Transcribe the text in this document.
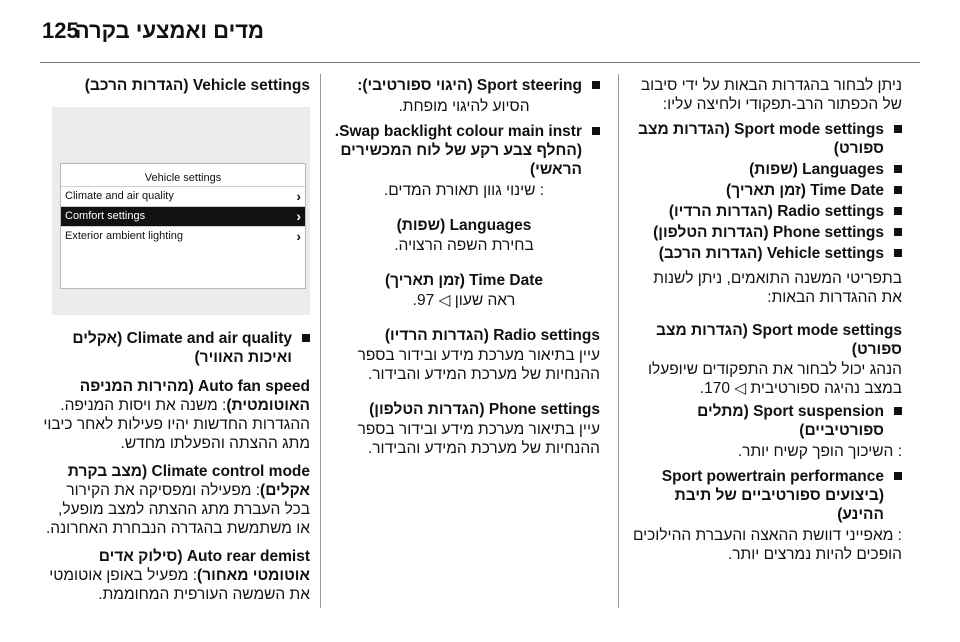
125
מדים ואמצעי בקרה

ניתן לבחור בהגדרות הבאות על ידי סיבוב של הכפתור הרב-תפקודי ולחיצה עליו:

Sport mode settings (הגדרות מצב ספורט)
Languages (שפות)
Time Date (זמן תאריך)
Radio settings (הגדרות הרדיו)
Phone settings (הגדרות הטלפון)
Vehicle settings (הגדרות הרכב)

בתפריטי המשנה התואמים, ניתן לשנות את ההגדרות הבאות:

Sport mode settings (הגדרות מצב ספורט)

הנהג יכול לבחור את התפקודים שיופעלו במצב נהיגה ספורטיבית ◁ 170.

Sport suspension (מתלים ספורטיביים)

: השיכוך הופך קשיח יותר.

Sport powertrain performance (ביצועים ספורטיביים של תיבת ההינע)

: מאפייני דוושת ההאצה והעברת ההילוכים הופכים להיות נמרצים יותר.

Sport steering (היגוי ספורטיבי):

הסיוע להיגוי מופחת.

Swap backlight colour main instr. (החלף צבע רקע של לוח המכשירים הראשי)

: שינוי גוון תאורת המדים.

Languages (שפות)

בחירת השפה הרצויה.

Time Date (זמן תאריך)

ראה שעון ◁ 97.

Radio settings (הגדרות הרדיו)

עיין בתיאור מערכת מידע ובידור בספר ההנחיות של מערכת המידע והבידור.

Phone settings (הגדרות הטלפון)

עיין בתיאור מערכת מידע ובידור בספר ההנחיות של מערכת המידע והבידור.

Vehicle settings (הגדרות הרכב)

Vehicle settings
Climate and air quality	›
Comfort settings	›
Exterior ambient lighting	›
Climate and air quality (אקלים ואיכות האוויר)

Auto fan speed (מהירות המניפה האוטומטית): משנה את ויסות המניפה. ההגדרות החדשות יהיו פעילות לאחר כיבוי מתג ההצתה והפעלתו מחדש.

Climate control mode (מצב בקרת אקלים): מפעילה ומפסיקה את הקירור בכל העברת מתג ההצתה למצב מופעל, או משתמשת בהגדרה הנבחרת האחרונה.

Auto rear demist (סילוק אדים אוטומטי מאחור): מפעיל באופן אוטומטי את השמשה העורפית המחוממת.
